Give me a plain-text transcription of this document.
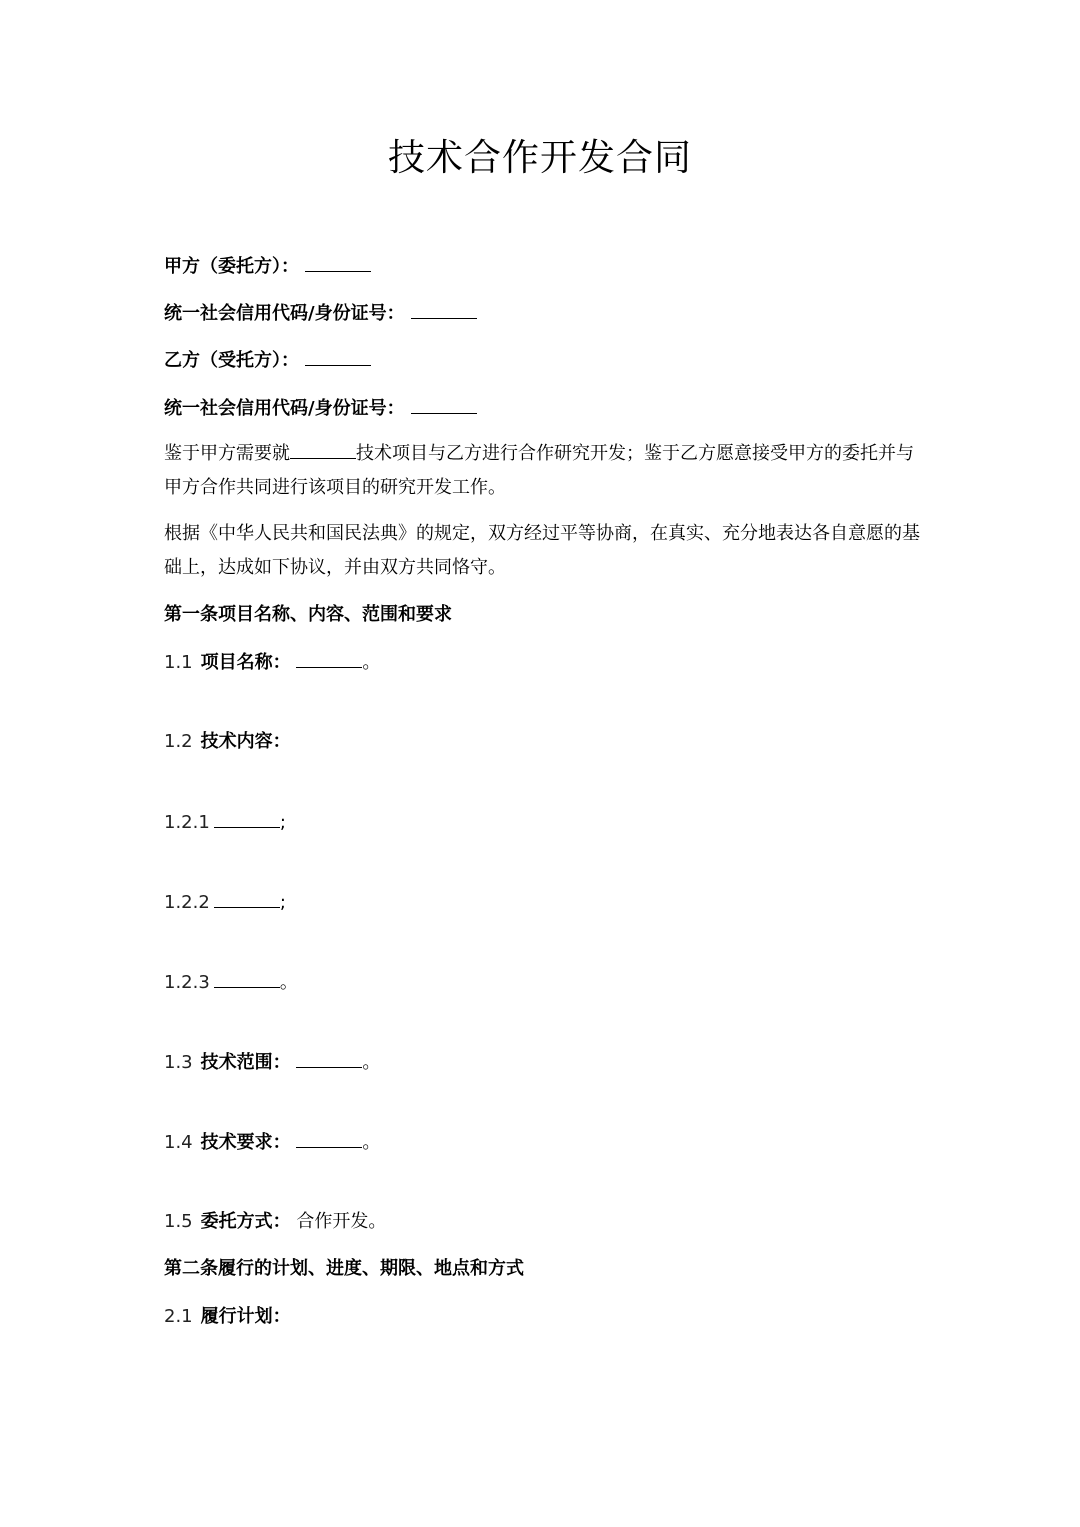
技术合作开发合同
甲方（委托方）：
统一社会信用代码/身份证号：
乙方（受托方）：
统一社会信用代码/身份证号：
鉴于甲方需要就	技术项目与乙方进行合作研究开发；鉴于乙方愿意接受甲方的委托并与甲方合作共同进行该项目的研究开发工作。
根据《中华人民共和国民法典》的规定，双方经过平等协商，在真实、充分地表达各自意愿的基础上，达成如下协议，并由双方共同恪守。
第一条项目名称、内容、范围和要求
1.1 项目名称：	。
1.2 技术内容：
1.2.1	;
1.2.2	;
1.2.3	。
1.3 技术范围：	。
1.4 技术要求：	。
1.5 委托方式： 合作开发。
第二条履行的计划、进度、期限、地点和方式
2.1 履行计划：
